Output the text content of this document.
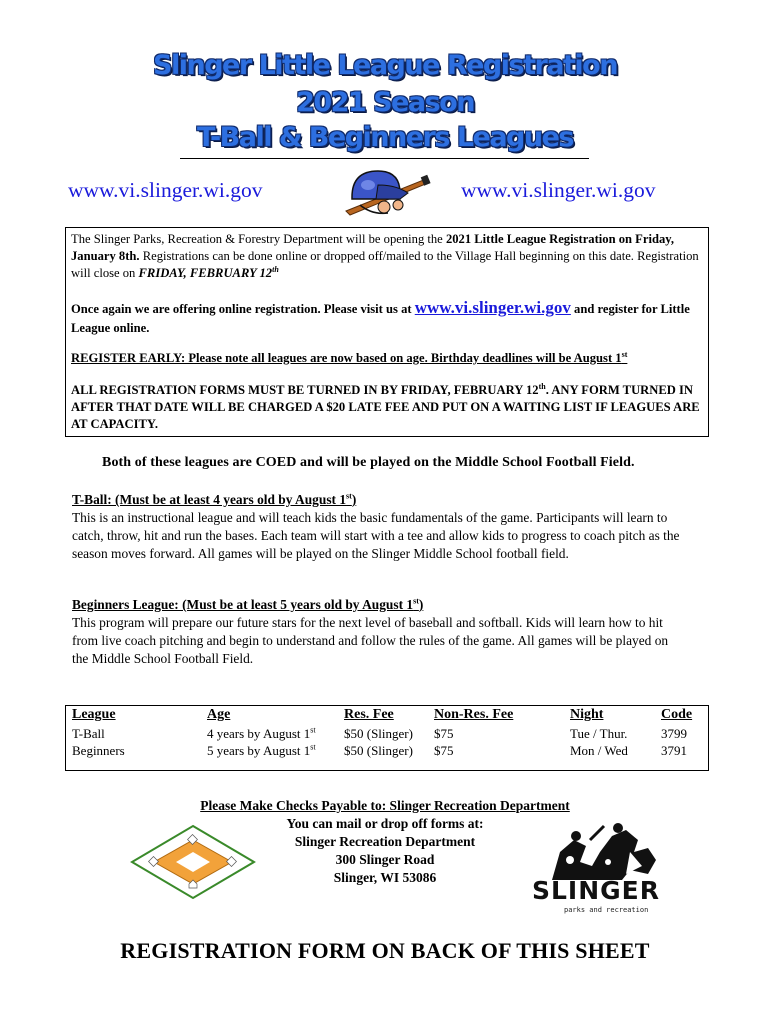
Slinger Little League Registration
2021 Season
T-Ball & Beginners Leagues
www.vi.slinger.wi.gov	www.vi.slinger.wi.gov
The Slinger Parks, Recreation & Forestry Department will be opening the 2021 Little League Registration on Friday, January 8th. Registrations can be done online or dropped off/mailed to the Village Hall beginning on this date. Registration will close on FRIDAY, FEBRUARY 12th
Once again we are offering online registration. Please visit us at www.vi.slinger.wi.gov and register for Little League online.
REGISTER EARLY: Please note all leagues are now based on age. Birthday deadlines will be August 1st
ALL REGISTRATION FORMS MUST BE TURNED IN BY FRIDAY, FEBRUARY 12th. ANY FORM TURNED IN AFTER THAT DATE WILL BE CHARGED A $20 LATE FEE AND PUT ON A WAITING LIST IF LEAGUES ARE AT CAPACITY.
Both of these leagues are COED and will be played on the Middle School Football Field.
T-Ball: (Must be at least 4 years old by August 1st)
This is an instructional league and will teach kids the basic fundamentals of the game. Participants will learn to catch, throw, hit and run the bases. Each team will start with a tee and allow kids to progress to coach pitch as the season moves forward. All games will be played on the Slinger Middle School football field.
Beginners League: (Must be at least 5 years old by August 1st)
This program will prepare our future stars for the next level of baseball and softball. Kids will learn how to hit from live coach pitching and begin to understand and follow the rules of the game. All games will be played on the Middle School Football Field.
League	Age	Res. Fee	Non-Res. Fee	Night	Code
T-Ball	4 years by August 1st $50 (Slinger) $75	Tue / Thur.	3799
Beginners	5 years by August 1st $50 (Slinger) $75	Mon / Wed	3791
Please Make Checks Payable to: Slinger Recreation Department
You can mail or drop off forms at:
Slinger Recreation Department
300 Slinger Road
Slinger, WI 53086	SLINGER
parks and recreation
REGISTRATION FORM ON BACK OF THIS SHEET
